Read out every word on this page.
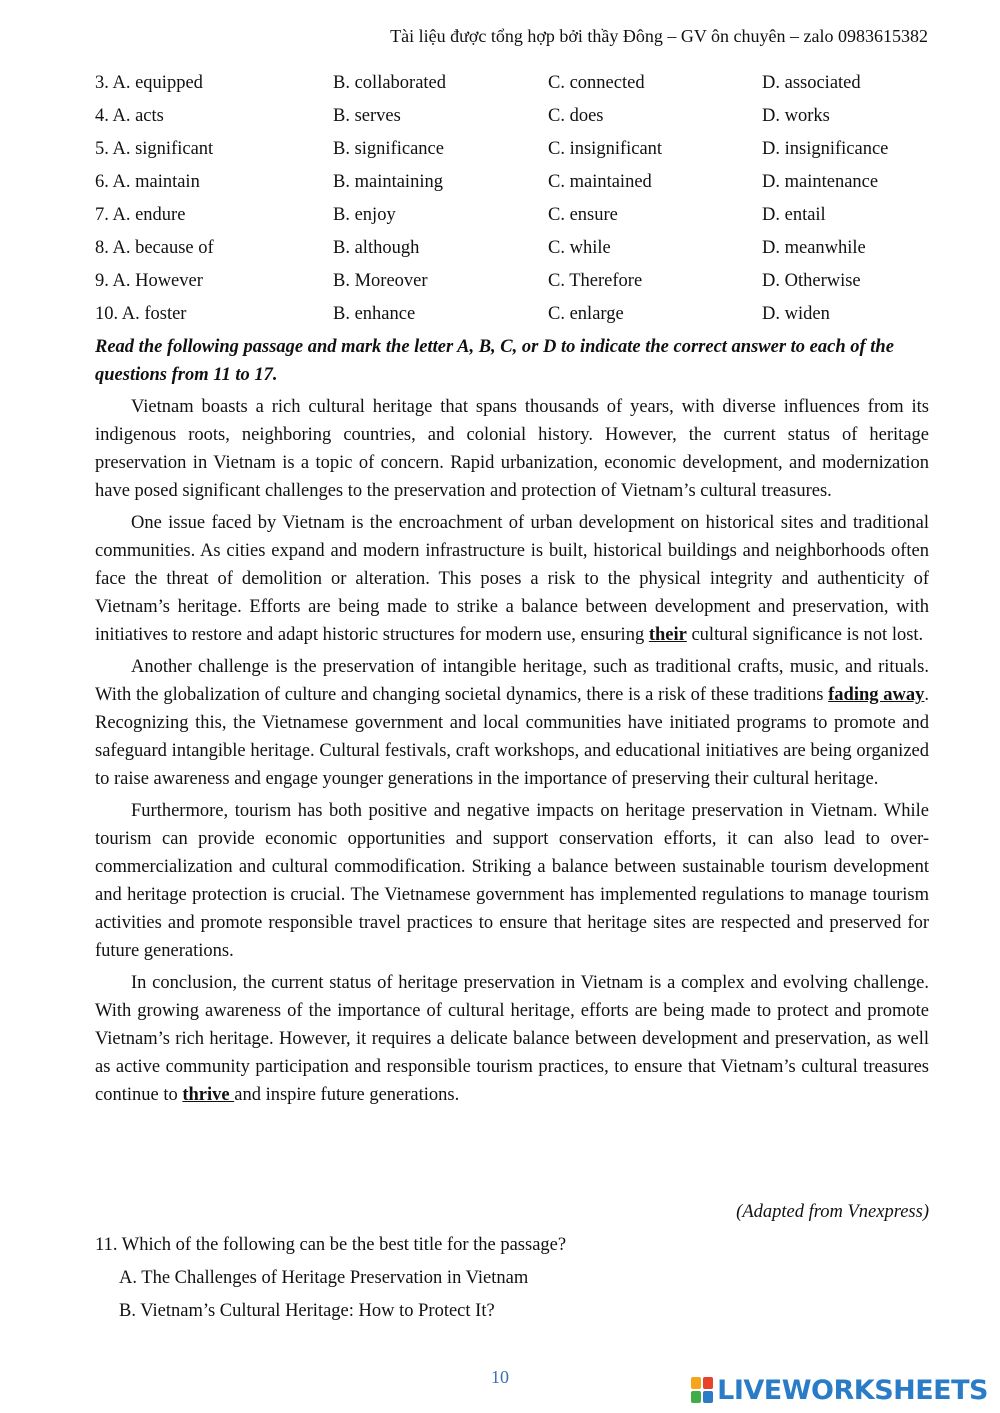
Tài liệu được tổng hợp bởi thầy Đông – GV ôn chuyên – zalo 0983615382
3. A. equipped	B. collaborated	C. connected	D. associated
4. A. acts	B. serves	C. does	D. works
5. A. significant	B. significance	C. insignificant	D. insignificance
6. A. maintain	B. maintaining	C. maintained	D. maintenance
7. A. endure	B. enjoy	C. ensure	D. entail
8. A. because of	B. although	C. while	D. meanwhile
9. A. However	B. Moreover	C. Therefore	D. Otherwise
10. A. foster	B. enhance	C. enlarge	D. widen
Read the following passage and mark the letter A, B, C, or D to indicate the correct answer to each of the questions from 11 to 17.

Vietnam boasts a rich cultural heritage that spans thousands of years, with diverse influences from its indigenous roots, neighboring countries, and colonial history. However, the current status of heritage preservation in Vietnam is a topic of concern. Rapid urbanization, economic development, and modernization have posed significant challenges to the preservation and protection of Vietnam’s cultural treasures.

One issue faced by Vietnam is the encroachment of urban development on historical sites and traditional communities. As cities expand and modern infrastructure is built, historical buildings and neighborhoods often face the threat of demolition or alteration. This poses a risk to the physical integrity and authenticity of Vietnam’s heritage. Efforts are being made to strike a balance between development and preservation, with initiatives to restore and adapt historic structures for modern use, ensuring their cultural significance is not lost.

Another challenge is the preservation of intangible heritage, such as traditional crafts, music, and rituals. With the globalization of culture and changing societal dynamics, there is a risk of these traditions fading away. Recognizing this, the Vietnamese government and local communities have initiated programs to promote and safeguard intangible heritage. Cultural festivals, craft workshops, and educational initiatives are being organized to raise awareness and engage younger generations in the importance of preserving their cultural heritage.

Furthermore, tourism has both positive and negative impacts on heritage preservation in Vietnam. While tourism can provide economic opportunities and support conservation efforts, it can also lead to over-commercialization and cultural commodification. Striking a balance between sustainable tourism development and heritage protection is crucial. The Vietnamese government has implemented regulations to manage tourism activities and promote responsible travel practices to ensure that heritage sites are respected and preserved for future generations.

In conclusion, the current status of heritage preservation in Vietnam is a complex and evolving challenge. With growing awareness of the importance of cultural heritage, efforts are being made to protect and promote Vietnam’s rich heritage. However, it requires a delicate balance between development and preservation, as well as active community participation and responsible tourism practices, to ensure that Vietnam’s cultural treasures continue to thrive and inspire future generations.

(Adapted from Vnexpress)
11. Which of the following can be the best title for the passage?
A. The Challenges of Heritage Preservation in Vietnam
B. Vietnam’s Cultural Heritage: How to Protect It?
10	LIVEWORKSHEETS
